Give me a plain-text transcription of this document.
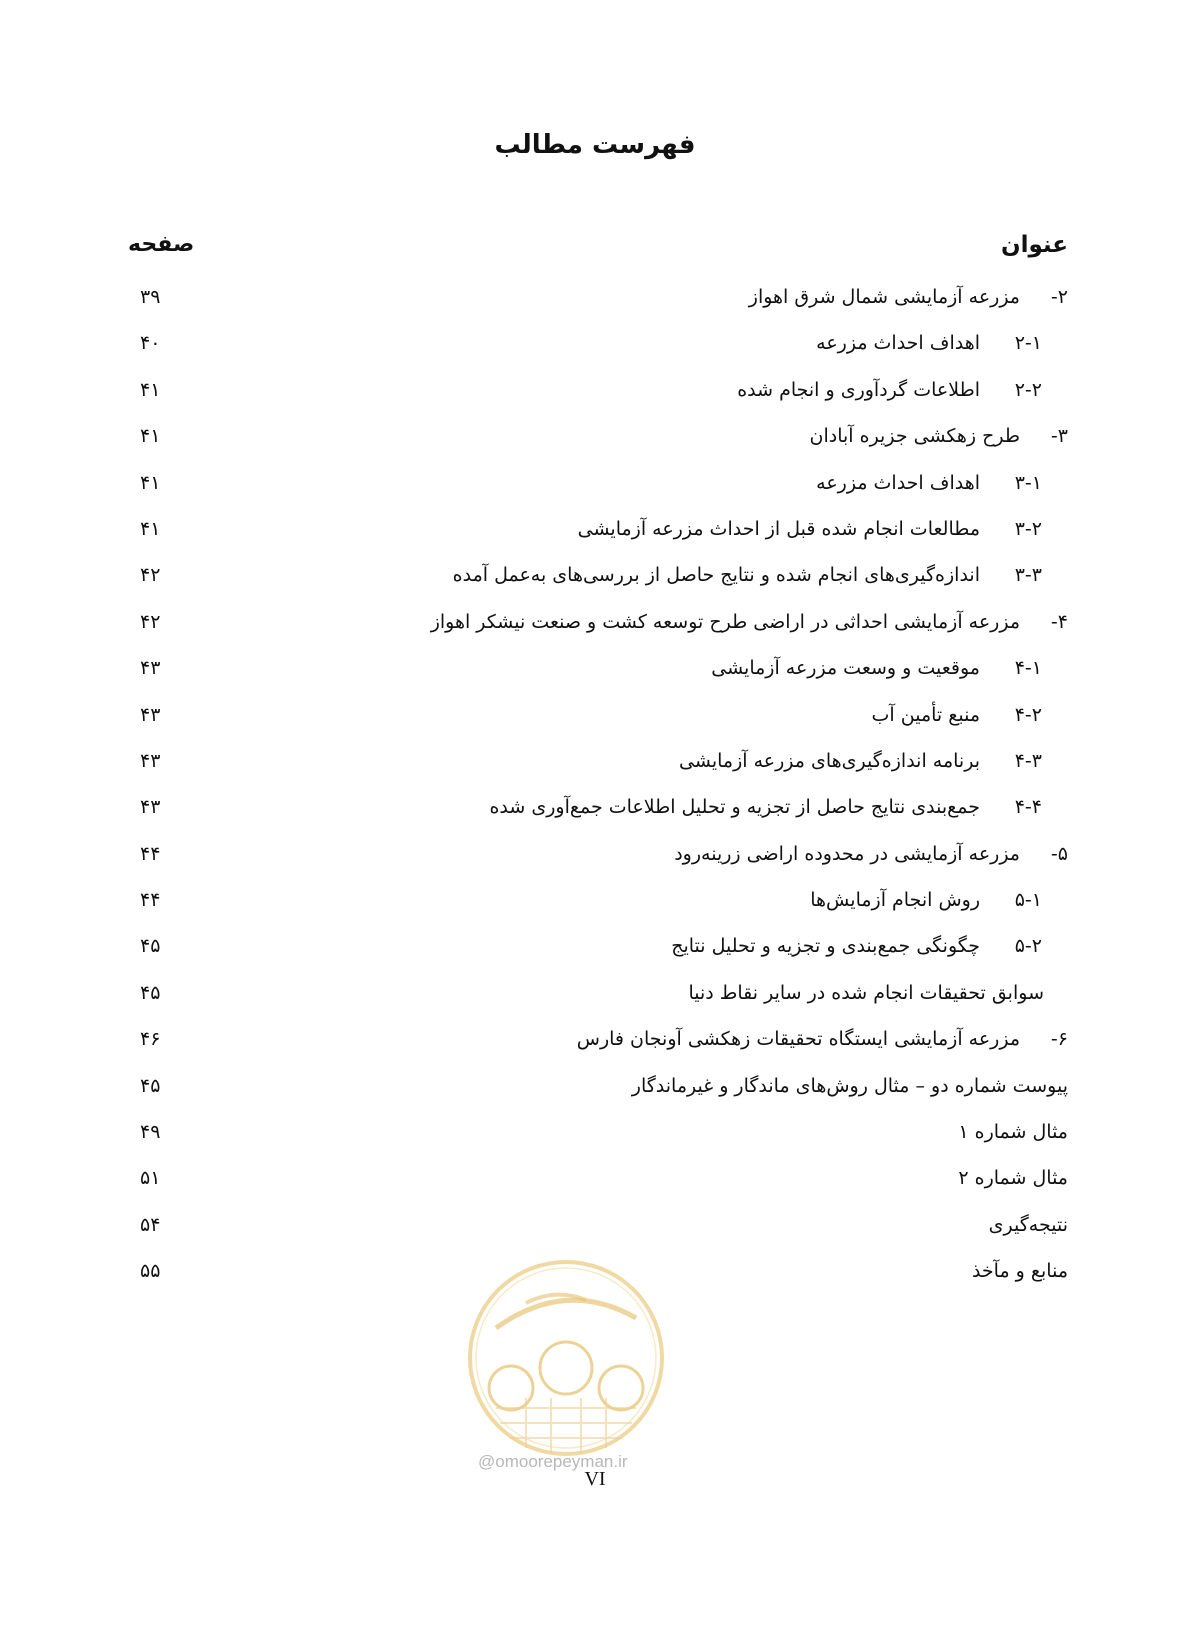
فهرست مطالب
عنوان
صفحه
۲-
مزرعه آزمایشی شمال شرق اهواز
۳۹
۲-۱
اهداف احداث مزرعه
۴۰
۲-۲
اطلاعات گردآوری و انجام شده
۴۱
۳-
طرح زهکشی جزیره آبادان
۴۱
۳-۱
اهداف احداث مزرعه
۴۱
۳-۲
مطالعات انجام شده قبل از احداث مزرعه آزمایشی
۴۱
۳-۳
اندازه‌گیری‌های انجام شده و نتایج حاصل از بررسی‌های به‌عمل آمده
۴۲
۴-
مزرعه آزمایشی احداثی در اراضی طرح توسعه کشت و صنعت نیشکر اهواز
۴۲
۴-۱
موقعیت و وسعت مزرعه آزمایشی
۴۳
۴-۲
منبع تأمین آب
۴۳
۴-۳
برنامه اندازه‌گیری‌های مزرعه آزمایشی
۴۳
۴-۴
جمع‌بندی نتایج حاصل از تجزیه و تحلیل اطلاعات جمع‌آوری شده
۴۳
۵-
مزرعه آزمایشی در محدوده اراضی زرینه‌رود
۴۴
۵-۱
روش انجام آزمایش‌ها
۴۴
۵-۲
چگونگی جمع‌بندی و تجزیه و تحلیل نتایج
۴۵
سوابق تحقیقات انجام شده در سایر نقاط دنیا
۴۵
۶-
مزرعه آزمایشی ایستگاه تحقیقات زهکشی آونجان فارس
۴۶
پیوست شماره دو – مثال روش‌های ماندگار و غیرماندگار
۴۵
مثال شماره ۱
۴۹
مثال شماره ۲
۵۱
نتیجه‌گیری
۵۴
منابع و مآخذ
۵۵
@omoorepeyman.ir
VI
